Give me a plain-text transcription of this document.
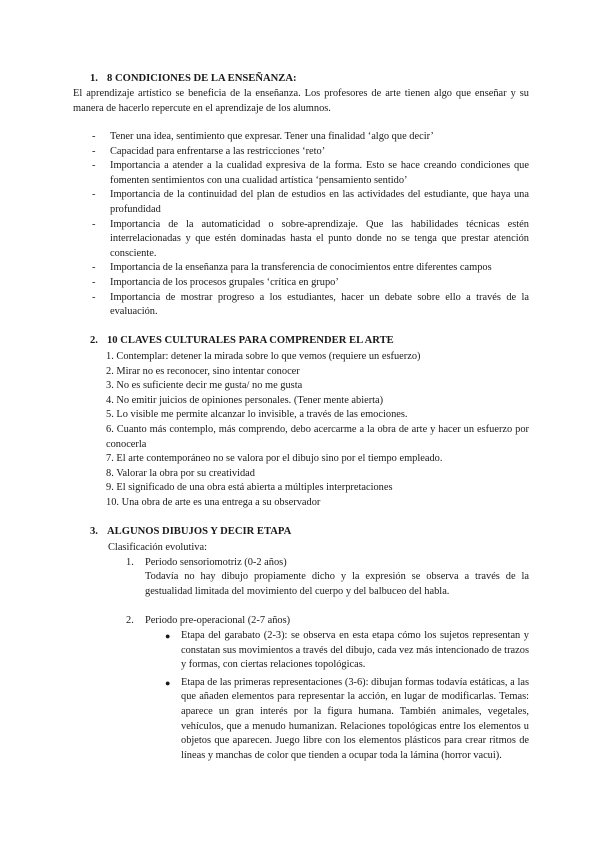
1. 8 CONDICIONES DE LA ENSEÑANZA:

El aprendizaje artístico se beneficia de la enseñanza. Los profesores de arte tienen algo que enseñar y su manera de hacerlo repercute en el aprendizaje de los alumnos.

- Tener una idea, sentimiento que expresar. Tener una finalidad ‘algo que decir’
- Capacidad para enfrentarse a las restricciones ‘reto’
- Importancia a atender a la cualidad expresiva de la forma. Esto se hace creando condiciones que fomenten sentimientos con una cualidad artística ‘pensamiento sentido’
- Importancia de la continuidad del plan de estudios en las actividades del estudiante, que haya una profundidad
- Importancia de la automaticidad o sobre-aprendizaje. Que las habilidades técnicas estén interrelacionadas y que estén dominadas hasta el punto donde no se tenga que prestar atención consciente.
- Importancia de la enseñanza para la transferencia de conocimientos entre diferentes campos
- Importancia de los procesos grupales ‘crítica en grupo’
- Importancia de mostrar progreso a los estudiantes, hacer un debate sobre ello a través de la evaluación.
2. 10 CLAVES CULTURALES PARA COMPRENDER EL ARTE
1. Contemplar: detener la mirada sobre lo que vemos (requiere un esfuerzo)
2. Mirar no es reconocer, sino intentar conocer
3. No es suficiente decir me gusta/ no me gusta
4. No emitir juicios de opiniones personales. (Tener mente abierta)
5. Lo visible me permite alcanzar lo invisible, a través de las emociones.
6. Cuanto más contemplo, más comprendo, debo acercarme a la obra de arte y hacer un esfuerzo por conocerla
7. El arte contemporáneo no se valora por el dibujo sino por el tiempo empleado.
8. Valorar la obra por su creatividad
9. El significado de una obra está abierta a múltiples interpretaciones
10. Una obra de arte es una entrega a su observador
3. ALGUNOS DIBUJOS Y DECIR ETAPA
Clasificación evolutiva:
1. Periodo sensoriomotriz (0-2 años)

Todavía no hay dibujo propiamente dicho y la expresión se observa a través de la gestualidad limitada del movimiento del cuerpo y del balbuceo del habla.

2. Periodo pre-operacional (2-7 años)
● Etapa del garabato (2-3): se observa en esta etapa cómo los sujetos representan y constatan sus movimientos a través del dibujo, cada vez más intencionado de trazos y formas, con ciertas relaciones topológicas.
● Etapa de las primeras representaciones (3-6): dibujan formas todavía estáticas, a las que añaden elementos para representar la acción, en lugar de modificarlas. Temas: aparece un gran interés por la figura humana. También animales, vegetales, vehículos, que a menudo humanizan. Relaciones topológicas entre los elementos u objetos que aparecen. Juego libre con los elementos plásticos para crear ritmos de líneas y manchas de color que tienden a ocupar toda la lámina (horror vacui).
